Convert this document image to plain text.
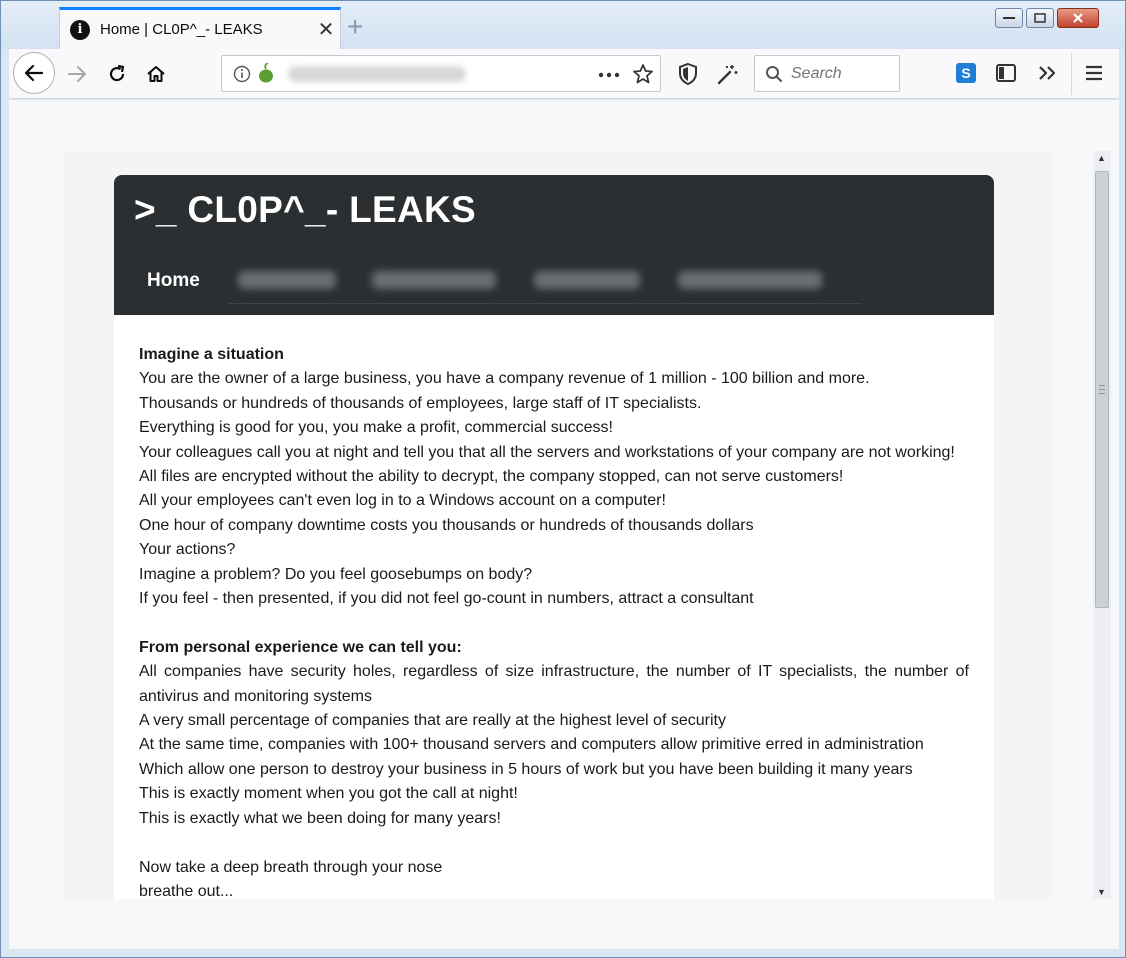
i	Home | CL0P^_- LEAKS	✕ +
Search
S
>_ CL0P^_- LEAKS
Home

Imagine a situation

You are the owner of a large business, you have a company revenue of 1 million - 100 billion and more.

Thousands or hundreds of thousands of employees, large staff of IT specialists.

Everything is good for you, you make a profit, commercial success!

Your colleagues call you at night and tell you that all the servers and workstations of your company are not working!

All files are encrypted without the ability to decrypt, the company stopped, can not serve customers!

All your employees can't even log in to a Windows account on a computer!

One hour of company downtime costs you thousands or hundreds of thousands dollars

Your actions?

Imagine a problem? Do you feel goosebumps on body?

If you feel - then presented, if you did not feel go-count in numbers, attract a consultant

From personal experience we can tell you:

All companies have security holes, regardless of size infrastructure, the number of IT specialists, the number of antivirus and monitoring systems

A very small percentage of companies that are really at the highest level of security

At the same time, companies with 100+ thousand servers and computers allow primitive erred in administration

Which allow one person to destroy your business in 5 hours of work but you have been building it many years

This is exactly moment when you got the call at night!

This is exactly what we been doing for many years!

Now take a deep breath through your nose

breathe out...

▲
▼
